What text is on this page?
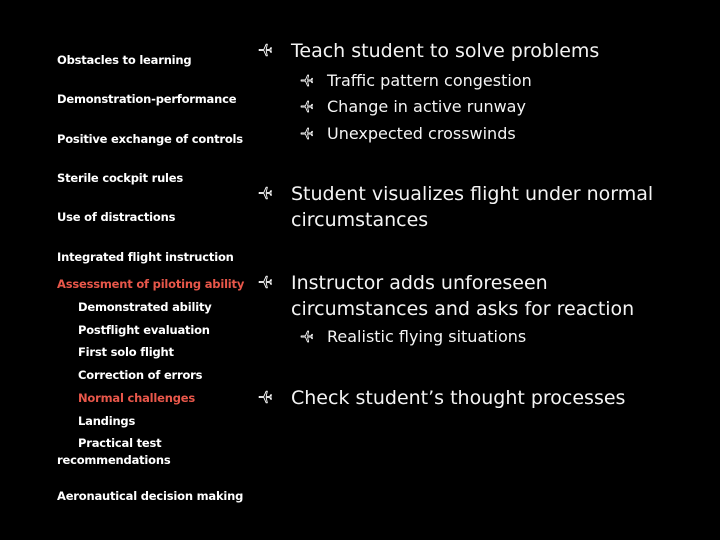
Obstacles to learning
Demonstration-performance
Positive exchange of controls
Sterile cockpit rules
Use of distractions
Integrated flight instruction
Assessment of piloting ability
Demonstrated ability
Postflight evaluation
First solo flight
Correction of errors
Normal challenges
Landings
Practical test recommendations
Aeronautical decision making
Teach student to solve problems
Traffic pattern congestion
Change in active runway
Unexpected crosswinds
Student visualizes flight under normal circumstances
Instructor adds unforeseen circumstances and asks for reaction
Realistic flying situations
Check student’s thought processes
